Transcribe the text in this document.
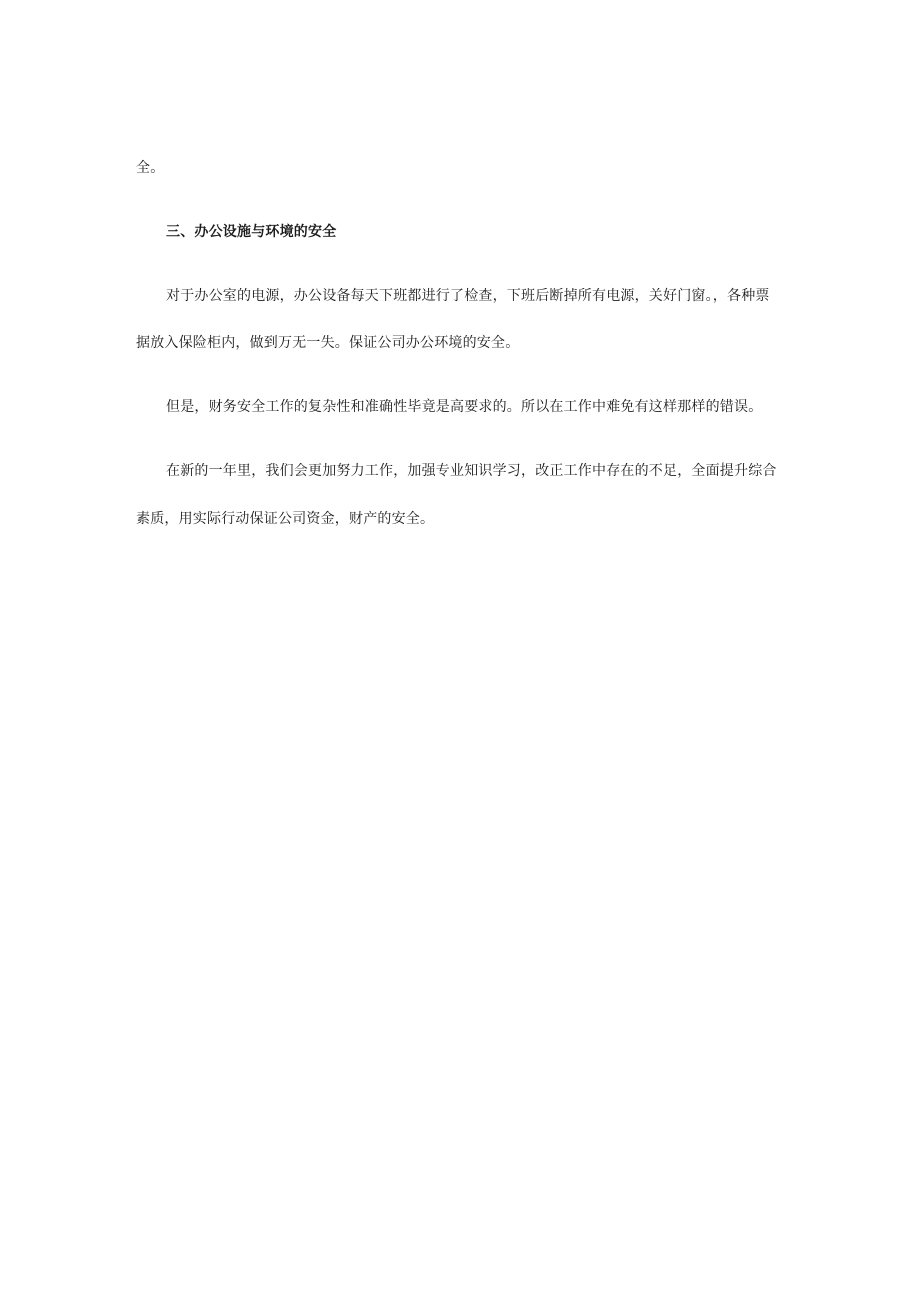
全。
三、办公设施与环境的安全
对于办公室的电源，办公设备每天下班都进行了检查，下班后断掉所有电源，关好门窗。，各种票
据放入保险柜内，做到万无一失。保证公司办公环境的安全。
但是，财务安全工作的复杂性和准确性毕竟是高要求的。所以在工作中难免有这样那样的错误。
在新的一年里，我们会更加努力工作，加强专业知识学习，改正工作中存在的不足，全面提升综合
素质，用实际行动保证公司资金，财产的安全。
